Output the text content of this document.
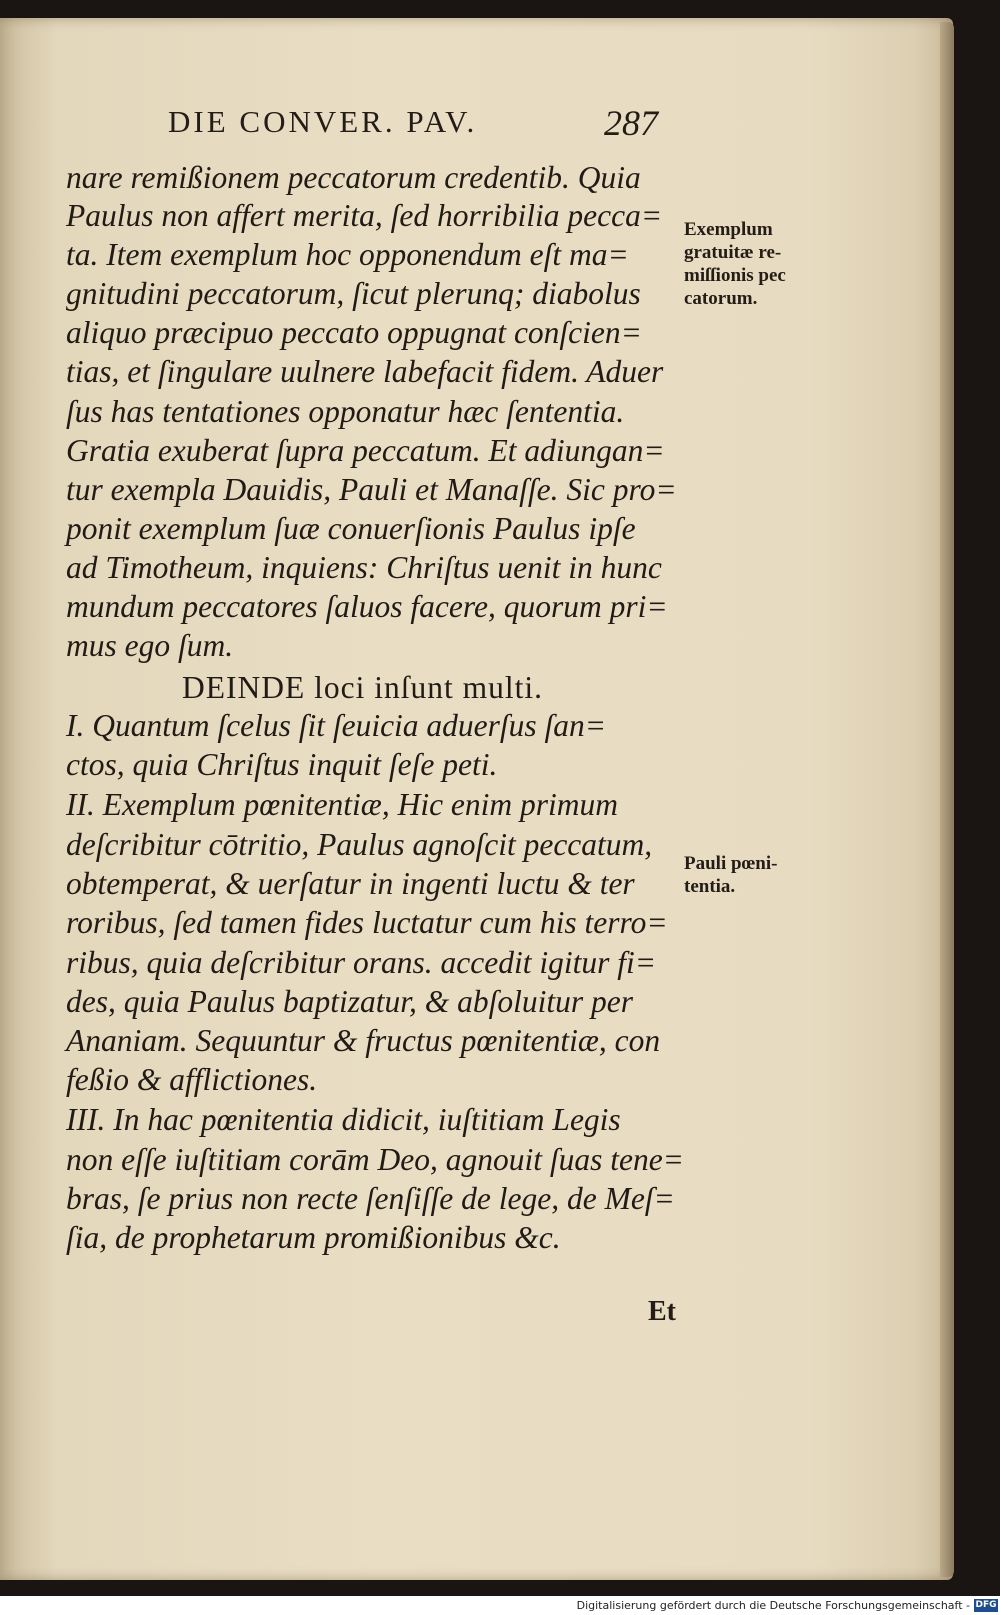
DIE CONVER. PAV.	287
nare remißionem peccatorum credentib. Quia
Paulus non affert merita, ſed horribilia pecca=
ta. Item exemplum hoc opponendum eſt ma=
gnitudini peccatorum, ſicut plerunq; diabolus
aliquo præcipuo peccato oppugnat conſcien=
tias, et ſingulare uulnere labefacit fidem. Aduer
ſus has tentationes opponatur hæc ſententia.
Gratia exuberat ſupra peccatum. Et adiungan=
tur exempla Dauidis, Pauli et Manaſſe. Sic pro=
ponit exemplum ſuæ conuerſionis Paulus ipſe
ad Timotheum, inquiens: Chriſtus uenit in hunc
mundum peccatores ſaluos facere, quorum pri=
mus ego ſum.
DEINDE loci inſunt multi.
I. Quantum ſcelus ſit ſeuicia aduerſus ſan=
ctos, quia Chriſtus inquit ſeſe peti.
II. Exemplum pœnitentiæ, Hic enim primum
deſcribitur cōtritio, Paulus agnoſcit peccatum,
obtemperat, & uerſatur in ingenti luctu & ter
roribus, ſed tamen fides luctatur cum his terro=
ribus, quia deſcribitur orans. accedit igitur fi=
des, quia Paulus baptizatur, & abſoluitur per
Ananiam. Sequuntur & fructus pœnitentiæ, con
feßio & afflictiones.
III. In hac pœnitentia didicit, iuſtitiam Legis
non eſſe iuſtitiam corām Deo, agnouit ſuas tene=
bras, ſe prius non recte ſenſiſſe de lege, de Meſ=
ſia, de prophetarum promißionibus &c.
Exemplum
gratuitæ re-
miſſionis pec
catorum.
Pauli pœni-
tentia.
Et
Digitalisierung gefördert durch die Deutsche Forschungsgemeinschaft - DFG
